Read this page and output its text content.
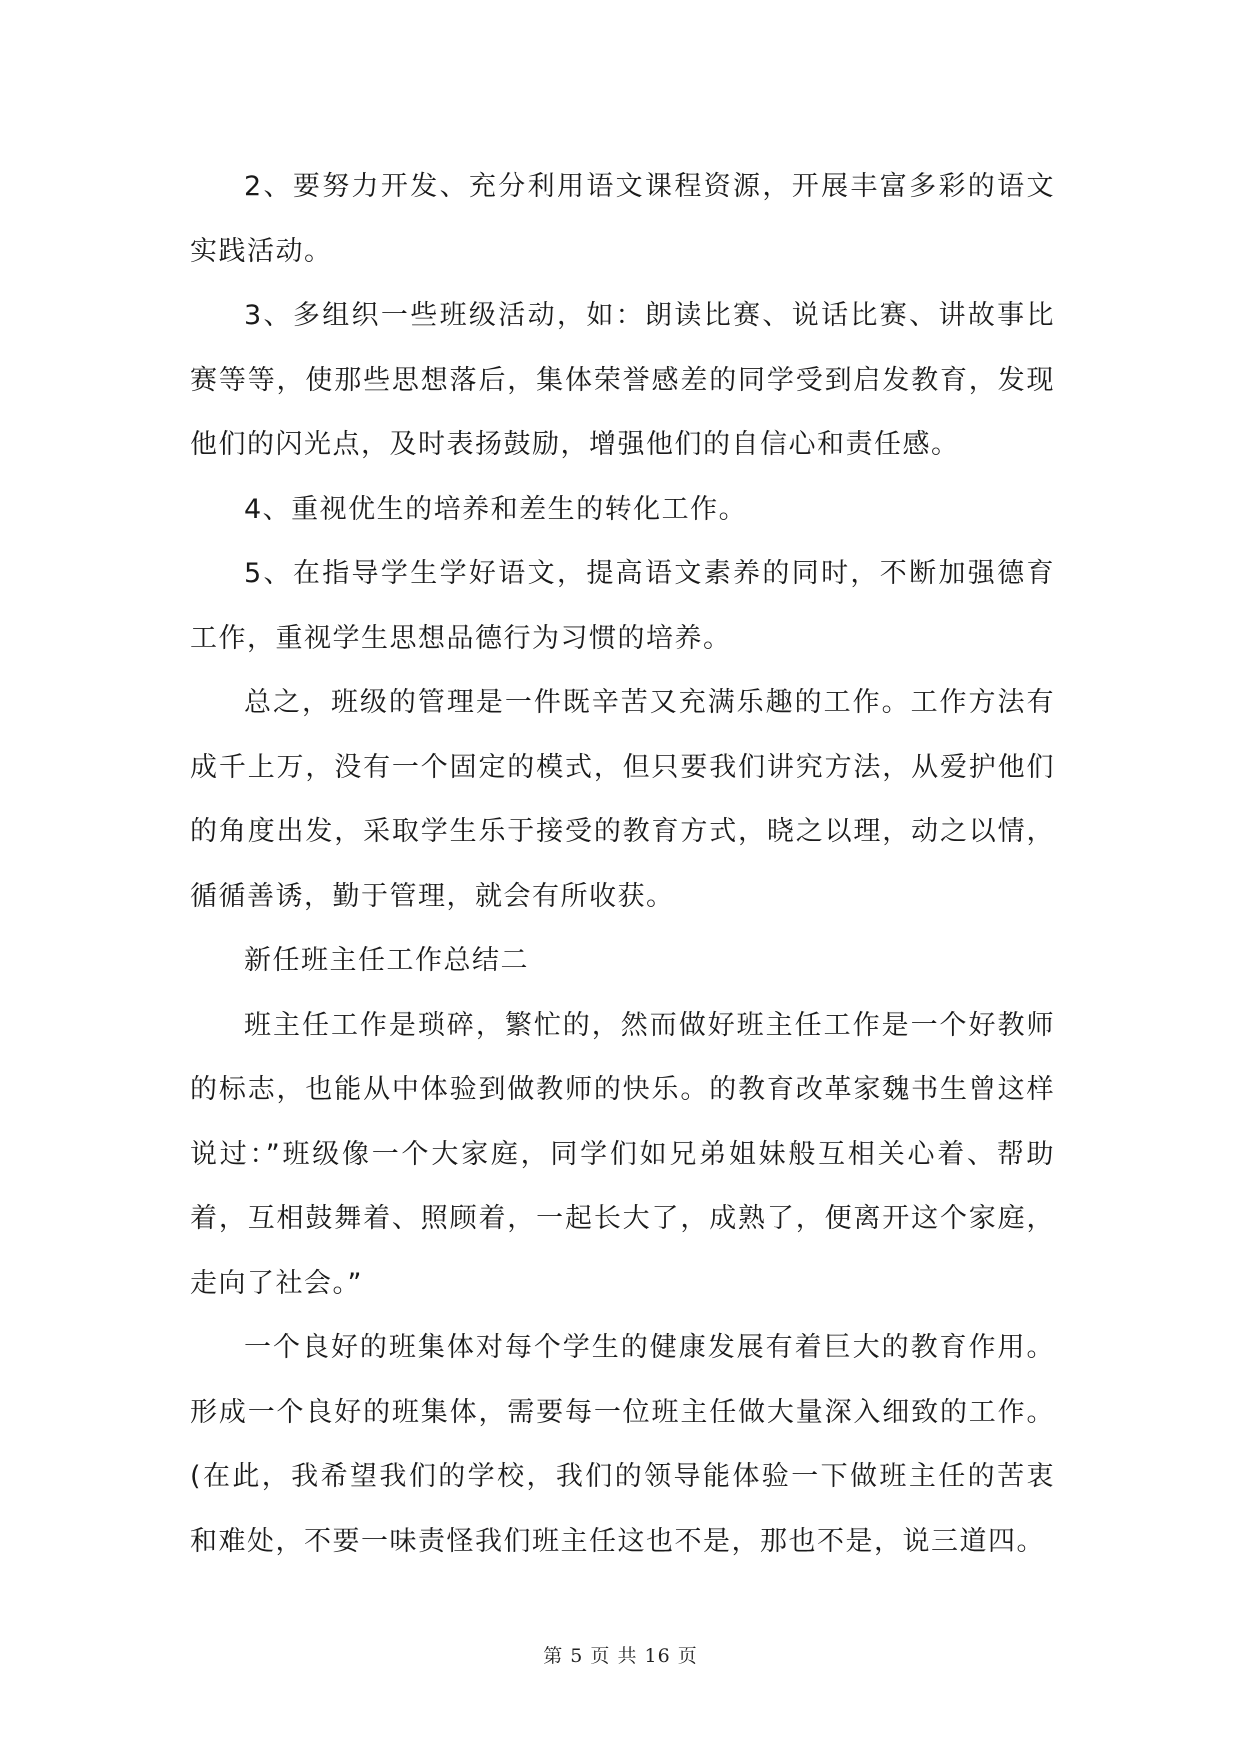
2、要努力开发、充分利用语文课程资源，开展丰富多彩的语文实践活动。

3、多组织一些班级活动，如：朗读比赛、说话比赛、讲故事比赛等等，使那些思想落后，集体荣誉感差的同学受到启发教育，发现他们的闪光点，及时表扬鼓励，增强他们的自信心和责任感。

4、重视优生的培养和差生的转化工作。

5、在指导学生学好语文，提高语文素养的同时，不断加强德育工作，重视学生思想品德行为习惯的培养。

总之，班级的管理是一件既辛苦又充满乐趣的工作。工作方法有成千上万，没有一个固定的模式，但只要我们讲究方法，从爱护他们的角度出发，采取学生乐于接受的教育方式，晓之以理，动之以情，循循善诱，勤于管理，就会有所收获。

新任班主任工作总结二

班主任工作是琐碎，繁忙的，然而做好班主任工作是一个好教师的标志，也能从中体验到做教师的快乐。的教育改革家魏书生曾这样说过：”班级像一个大家庭，同学们如兄弟姐妹般互相关心着、帮助着，互相鼓舞着、照顾着，一起长大了，成熟了，便离开这个家庭，走向了社会。”

一个良好的班集体对每个学生的健康发展有着巨大的教育作用。形成一个良好的班集体，需要每一位班主任做大量深入细致的工作。(在此，我希望我们的学校，我们的领导能体验一下做班主任的苦衷和难处，不要一味责怪我们班主任这也不是，那也不是，说三道四。

第 5 页 共 16 页
